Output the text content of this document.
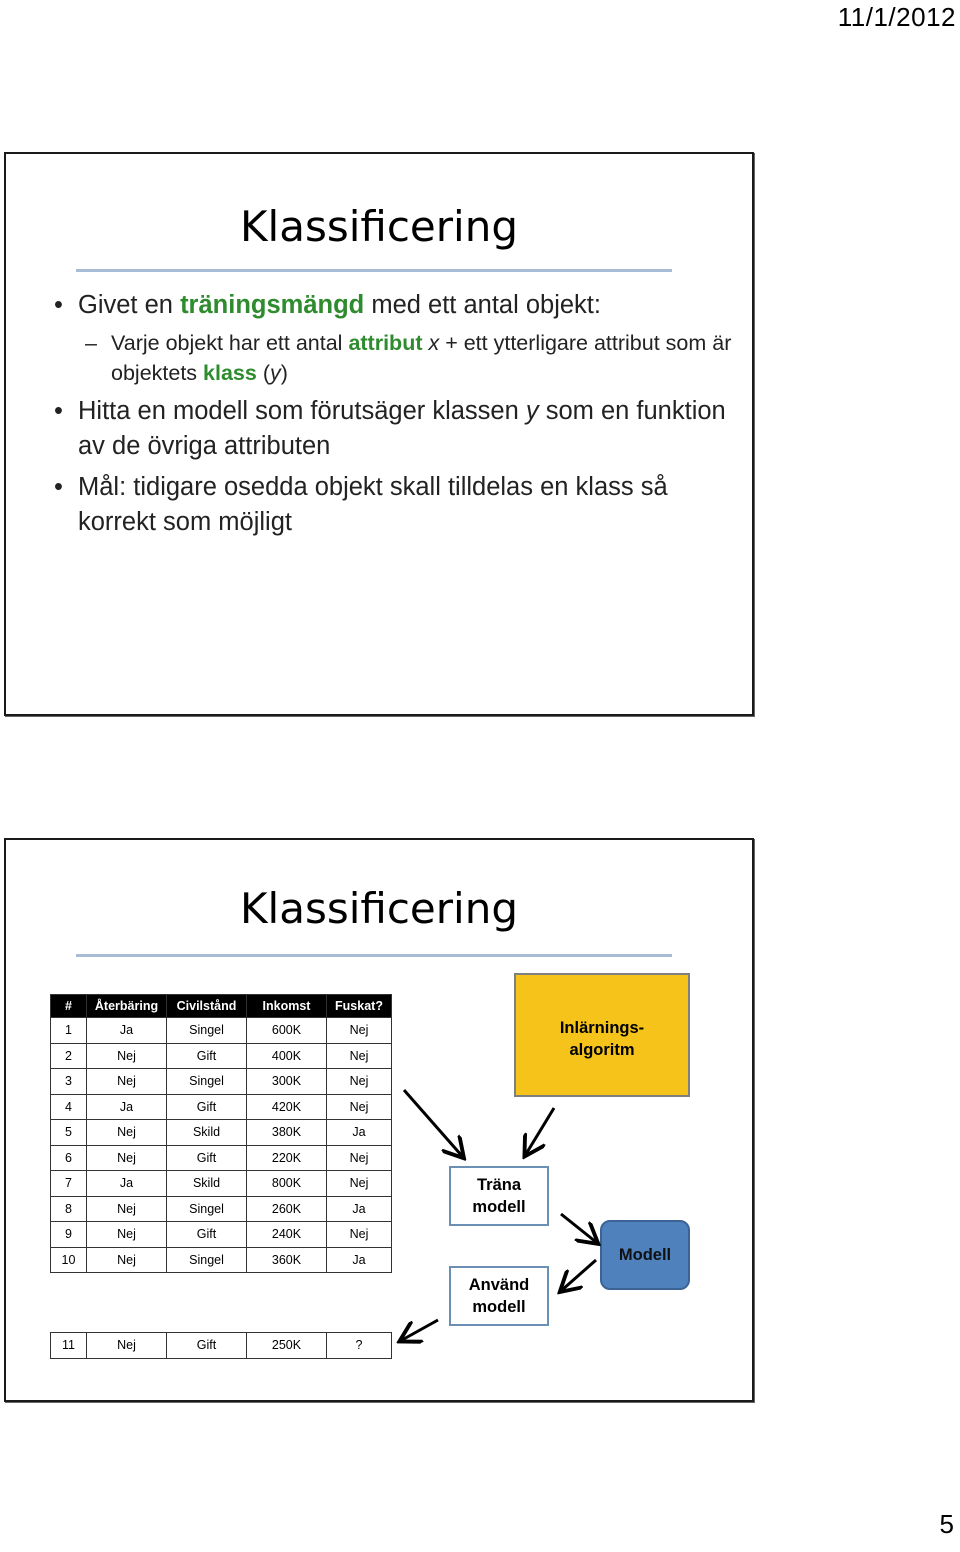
11/1/2012
Klassificering
• Givet en träningsmängd med ett antal objekt:
– Varje objekt har ett antal attribut x + ett ytterligare attribut som är objektets klass (y)
• Hitta en modell som förutsäger klassen y som en funktion av de övriga attributen
• Mål: tidigare osedda objekt skall tilldelas en klass så korrekt som möjligt
Klassificering
#	Återbäring	Civilstånd	Inkomst	Fuskat?
1	Ja	Singel	600K	Nej
2	Nej	Gift	400K	Nej
3	Nej	Singel	300K	Nej
4	Ja	Gift	420K	Nej
5	Nej	Skild	380K	Ja
6	Nej	Gift	220K	Nej
7	Ja	Skild	800K	Nej
8	Nej	Singel	260K	Ja
9	Nej	Gift	240K	Nej
10	Nej	Singel	360K	Ja
11	Nej	Gift	250K	?
Inlärnings-
algoritm
Träna
modell
Använd
modell
Modell
5
